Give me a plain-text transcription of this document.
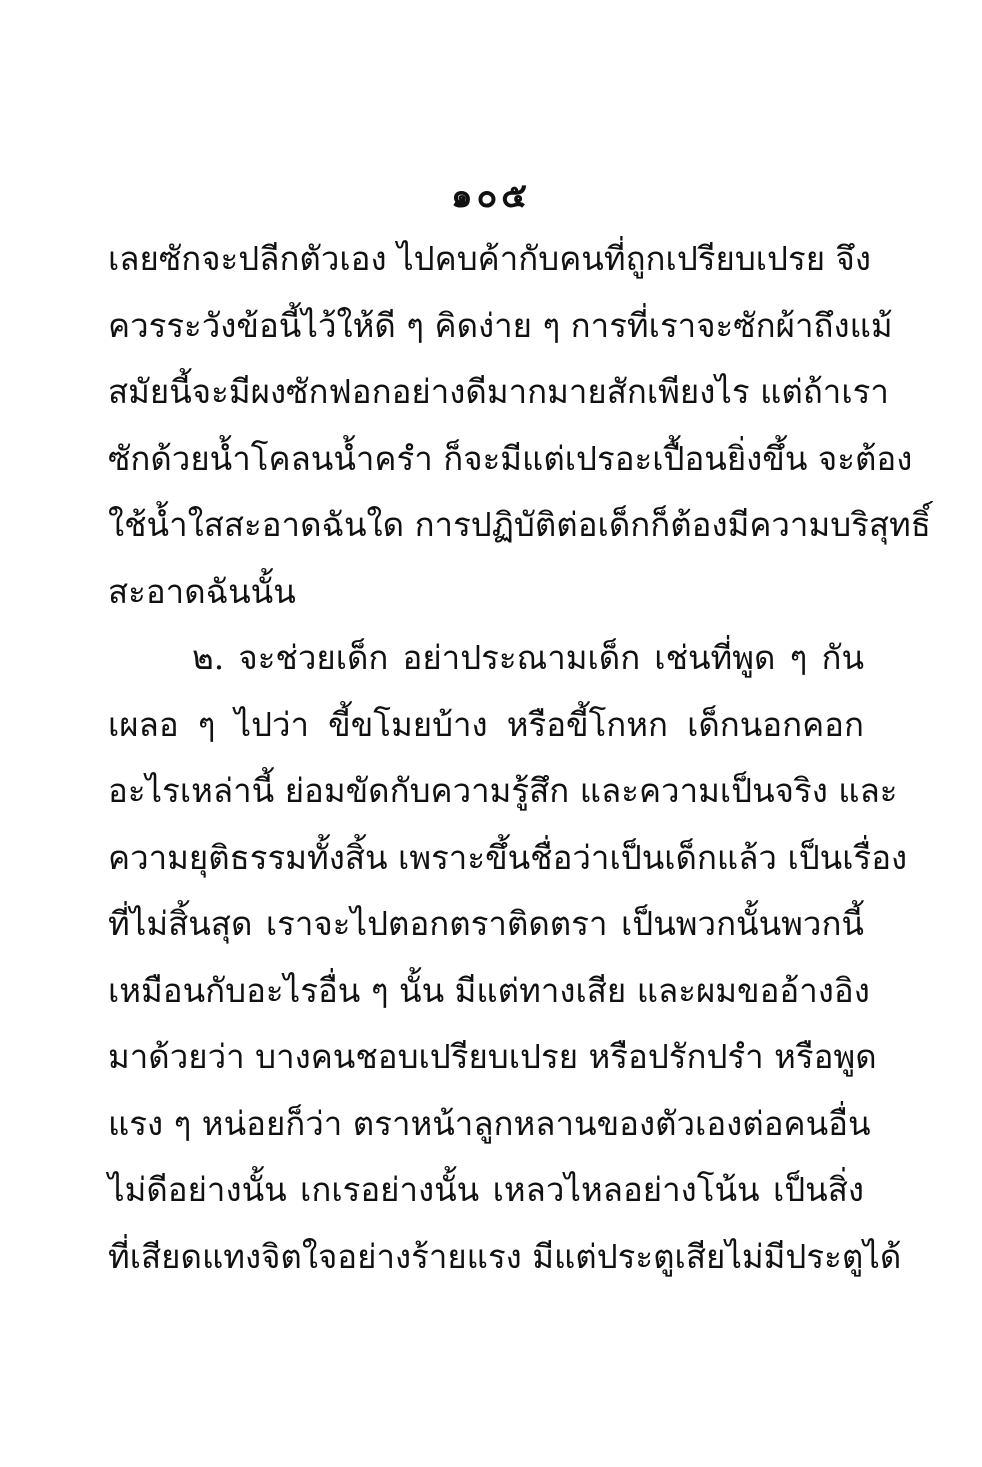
๑๐๕
เลยซักจะปลีกตัวเอง ไปคบค้ากับคนที่ถูกเปรียบเปรย จึง
ควรระวังข้อนี้ไว้ให้ดี ๆ คิดง่าย ๆ การที่เราจะซักผ้าถึงแม้
สมัยนี้จะมีผงซักฟอกอย่างดีมากมายสักเพียงไร แต่ถ้าเรา
ซักด้วยน้ำโคลนน้ำครำ ก็จะมีแต่เปรอะเปื้อนยิ่งขึ้น จะต้อง
ใช้น้ำใสสะอาดฉันใด การปฏิบัติต่อเด็กก็ต้องมีความบริสุทธิ์
สะอาดฉันนั้น
๒. จะช่วยเด็ก อย่าประณามเด็ก เช่นที่พูด ๆ กัน
เผลอ ๆ ไปว่า ขี้ขโมยบ้าง หรือขี้โกหก เด็กนอกคอก
อะไรเหล่านี้ ย่อมขัดกับความรู้สึก และความเป็นจริง และ
ความยุติธรรมทั้งสิ้น เพราะขึ้นชื่อว่าเป็นเด็กแล้ว เป็นเรื่อง
ที่ไม่สิ้นสุด เราจะไปตอกตราติดตรา เป็นพวกนั้นพวกนี้
เหมือนกับอะไรอื่น ๆ นั้น มีแต่ทางเสีย และผมขออ้างอิง
มาด้วยว่า บางคนชอบเปรียบเปรย หรือปรักปรำ หรือพูด
แรง ๆ หน่อยก็ว่า ตราหน้าลูกหลานของตัวเองต่อคนอื่น
ไม่ดีอย่างนั้น เกเรอย่างนั้น เหลวไหลอย่างโน้น เป็นสิ่ง
ที่เสียดแทงจิตใจอย่างร้ายแรง มีแต่ประตูเสียไม่มีประตูได้
